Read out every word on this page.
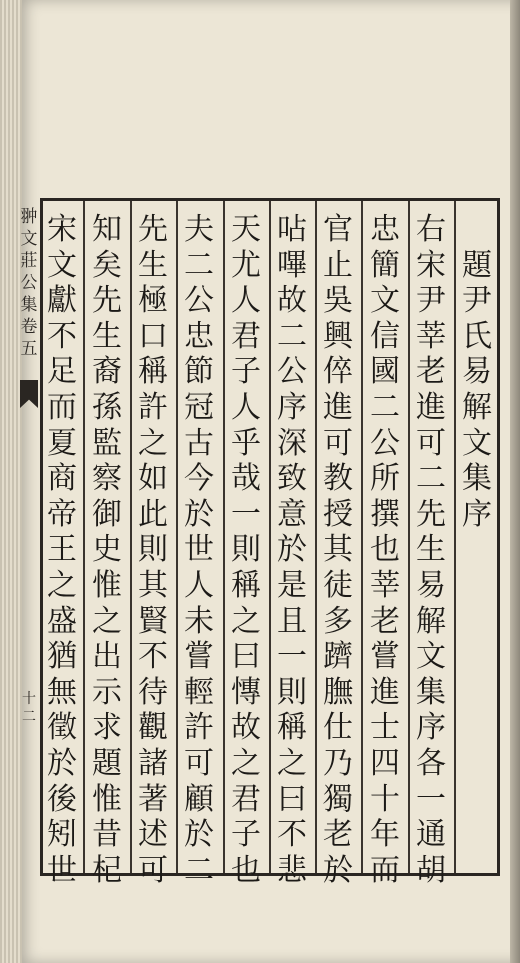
翀
文
莊
公
集
卷
五
十
二
題
尹
氏
易
解
文
集
序
右
宋
尹
莘
老
進
可
二
先
生
易
解
文
集
序
各
一
通
胡
忠
簡
文
信
國
二
公
所
撰
也
莘
老
嘗
進
士
四
十
年
而
官
止
吳
興
倅
進
可
教
授
其
徒
多
躋
膴
仕
乃
獨
老
於
呫
嗶
故
二
公
序
深
致
意
於
是
且
一
則
稱
之
曰
不
悲
天
尤
人
君
子
人
乎
哉
一
則
稱
之
曰
慱
故
之
君
子
也
夫
二
公
忠
節
冠
古
今
於
世
人
未
嘗
輕
許
可
顧
於
二
先
生
極
口
稱
許
之
如
此
則
其
賢
不
待
觀
諸
著
述
可
知
矣
先
生
裔
孫
監
察
御
史
惟
之
出
示
求
題
惟
昔
杞
宋
文
獻
不
足
而
夏
商
帝
王
之
盛
猶
無
徵
於
後
矧
世
